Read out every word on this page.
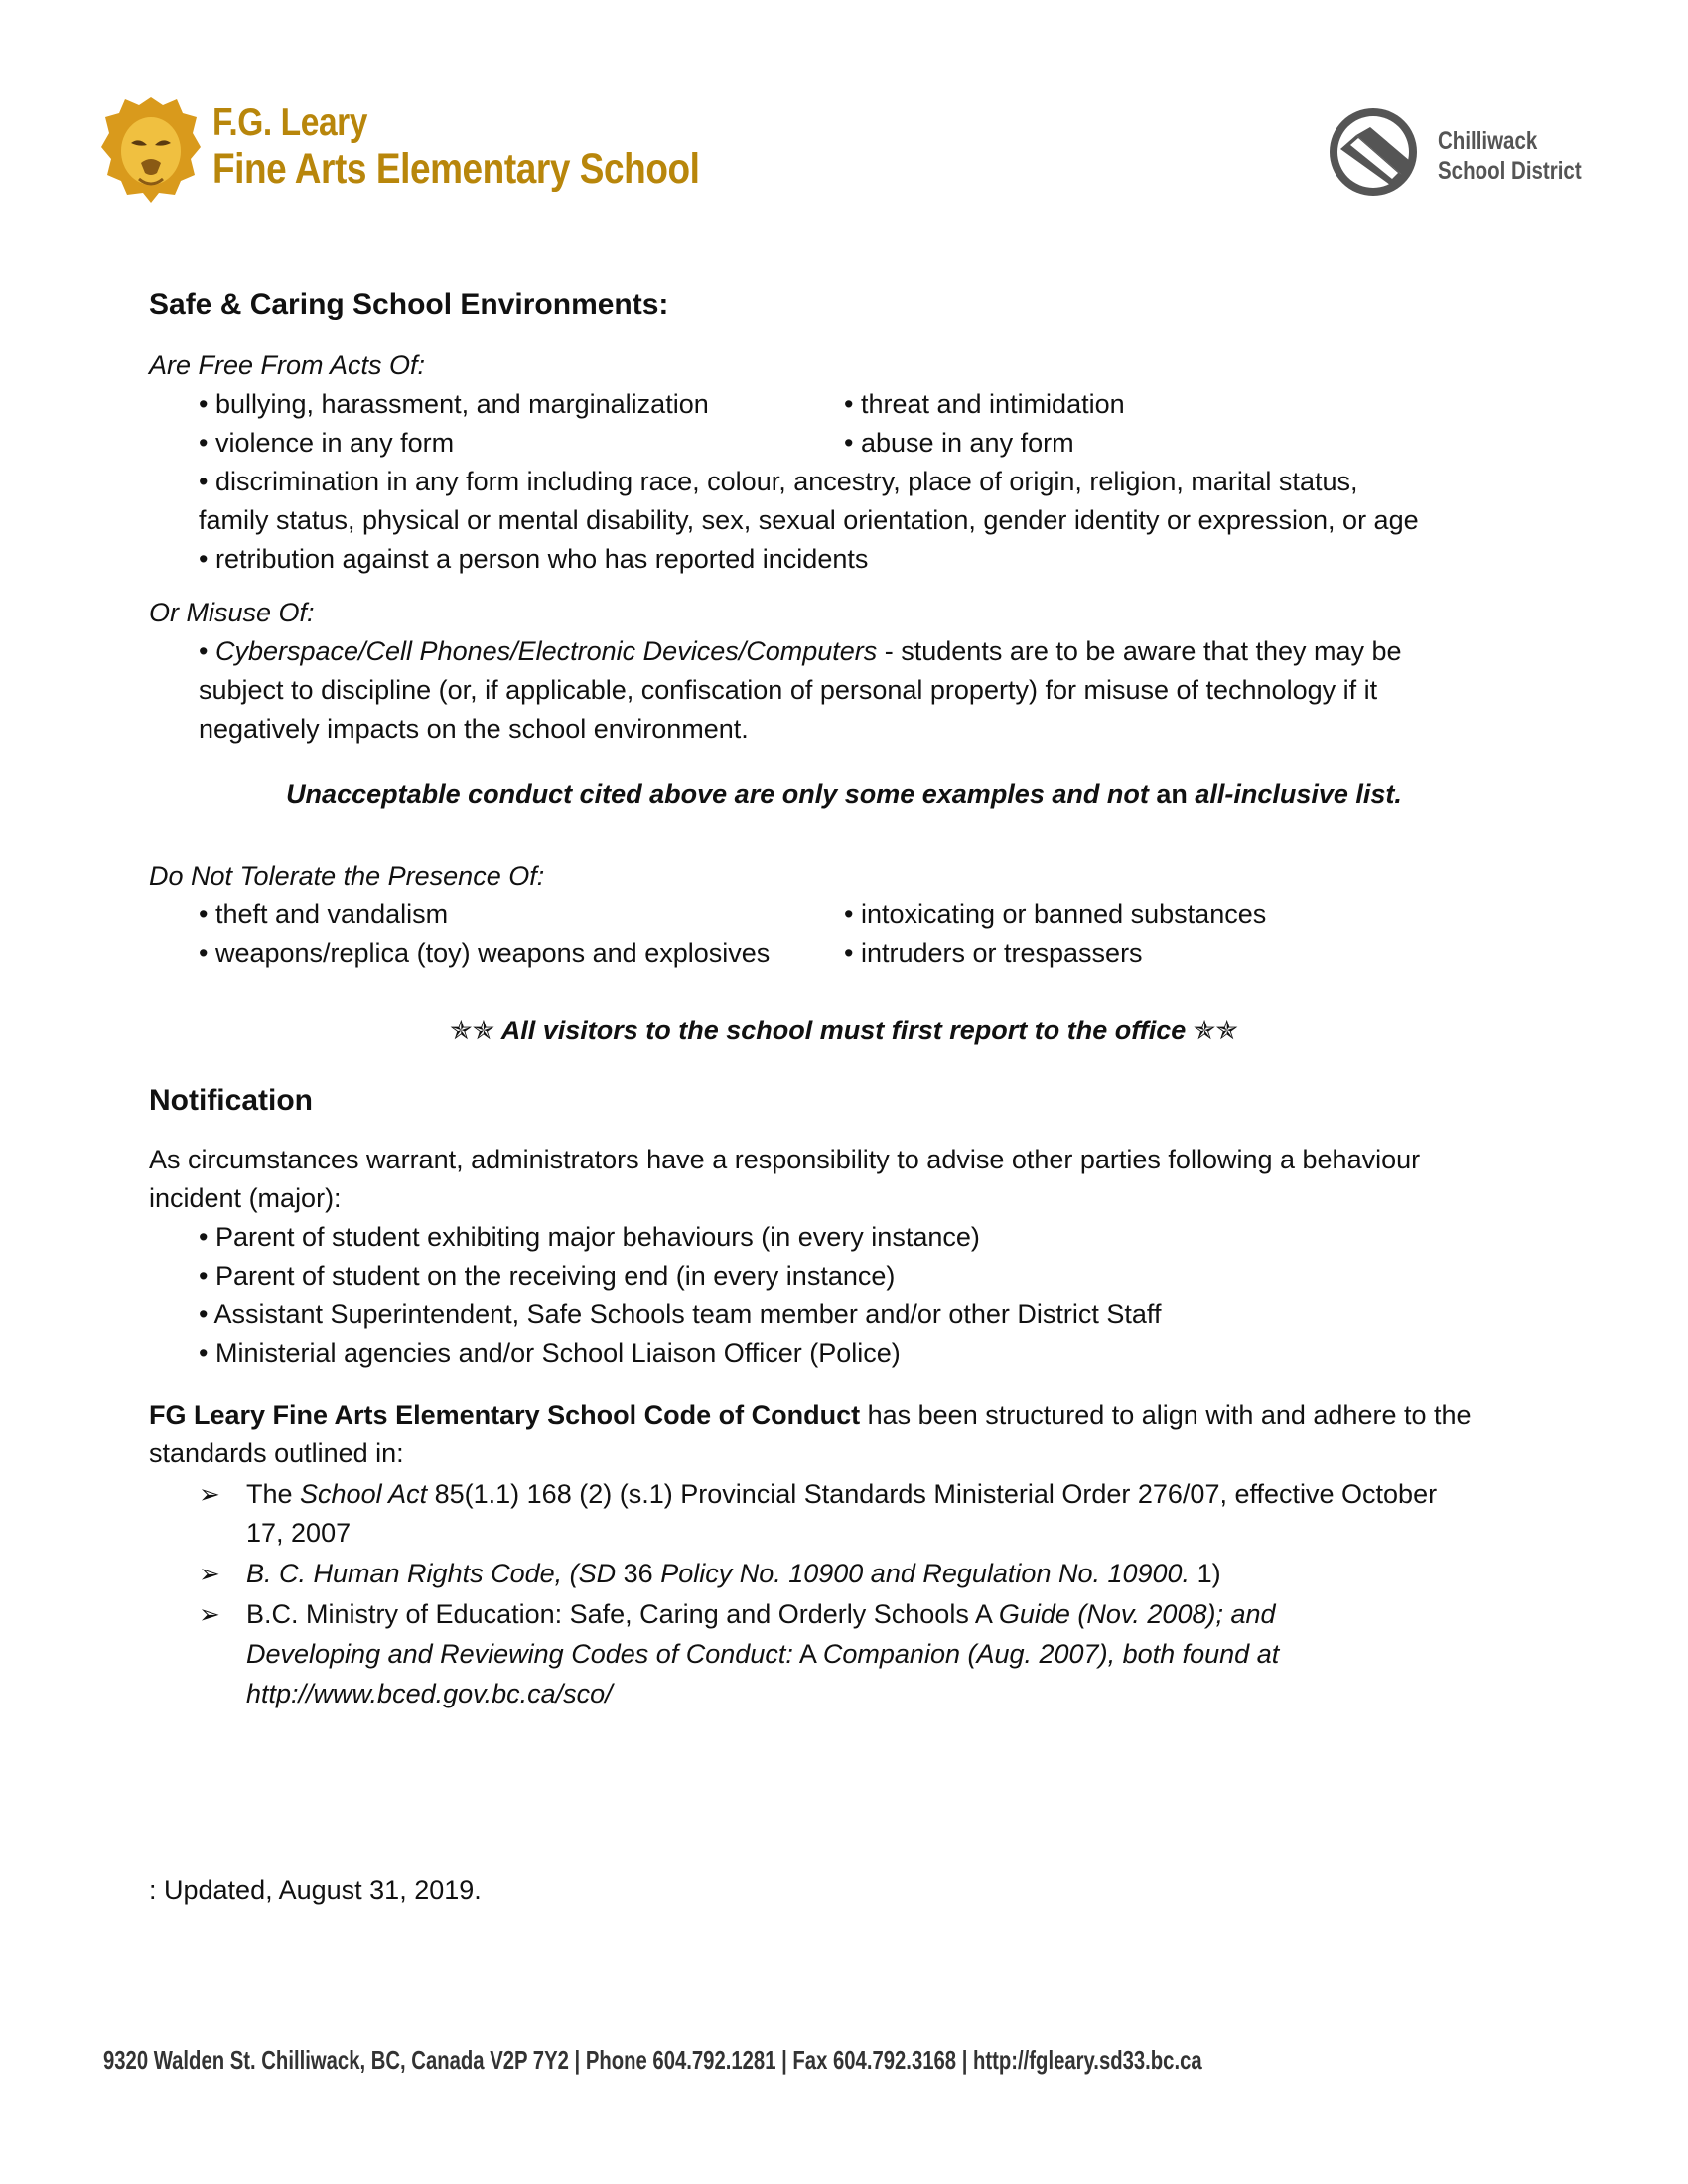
F.G. Leary
Fine Arts Elementary School
Chilliwack
School District
Safe & Caring School Environments:
Are Free From Acts Of:
• bullying, harassment, and marginalization	• threat and intimidation
• violence in any form	• abuse in any form
• discrimination in any form including race, colour, ancestry, place of origin, religion, marital status,
family status, physical or mental disability, sex, sexual orientation, gender identity or expression, or age
• retribution against a person who has reported incidents
Or Misuse Of:
• Cyberspace/Cell Phones/Electronic Devices/Computers - students are to be aware that they may be
subject to discipline (or, if applicable, confiscation of personal property) for misuse of technology if it
negatively impacts on the school environment.
Unacceptable conduct cited above are only some examples and not an all-inclusive list.
Do Not Tolerate the Presence Of:
• theft and vandalism	• intoxicating or banned substances
• weapons/replica (toy) weapons and explosives	• intruders or trespassers
✯✯ All visitors to the school must first report to the office ✯✯
Notification
As circumstances warrant, administrators have a responsibility to advise other parties following a behaviour
incident (major):
• Parent of student exhibiting major behaviours (in every instance)
• Parent of student on the receiving end (in every instance)
• Assistant Superintendent, Safe Schools team member and/or other District Staff
• Ministerial agencies and/or School Liaison Officer (Police)
FG Leary Fine Arts Elementary School Code of Conduct has been structured to align with and adhere to the
standards outlined in:
➢ The School Act 85(1.1) 168 (2) (s.1) Provincial Standards Ministerial Order 276/07, effective October
17, 2007
➢ B. C. Human Rights Code, (SD 36 Policy No. 10900 and Regulation No. 10900. 1)
➢ B.C. Ministry of Education: Safe, Caring and Orderly Schools A Guide (Nov. 2008); and
Developing and Reviewing Codes of Conduct: A Companion (Aug. 2007), both found at
http://www.bced.gov.bc.ca/sco/
: Updated, August 31, 2019.
9320 Walden St. Chilliwack, BC, Canada V2P 7Y2 | Phone 604.792.1281 | Fax 604.792.3168 | http://fgleary.sd33.bc.ca
